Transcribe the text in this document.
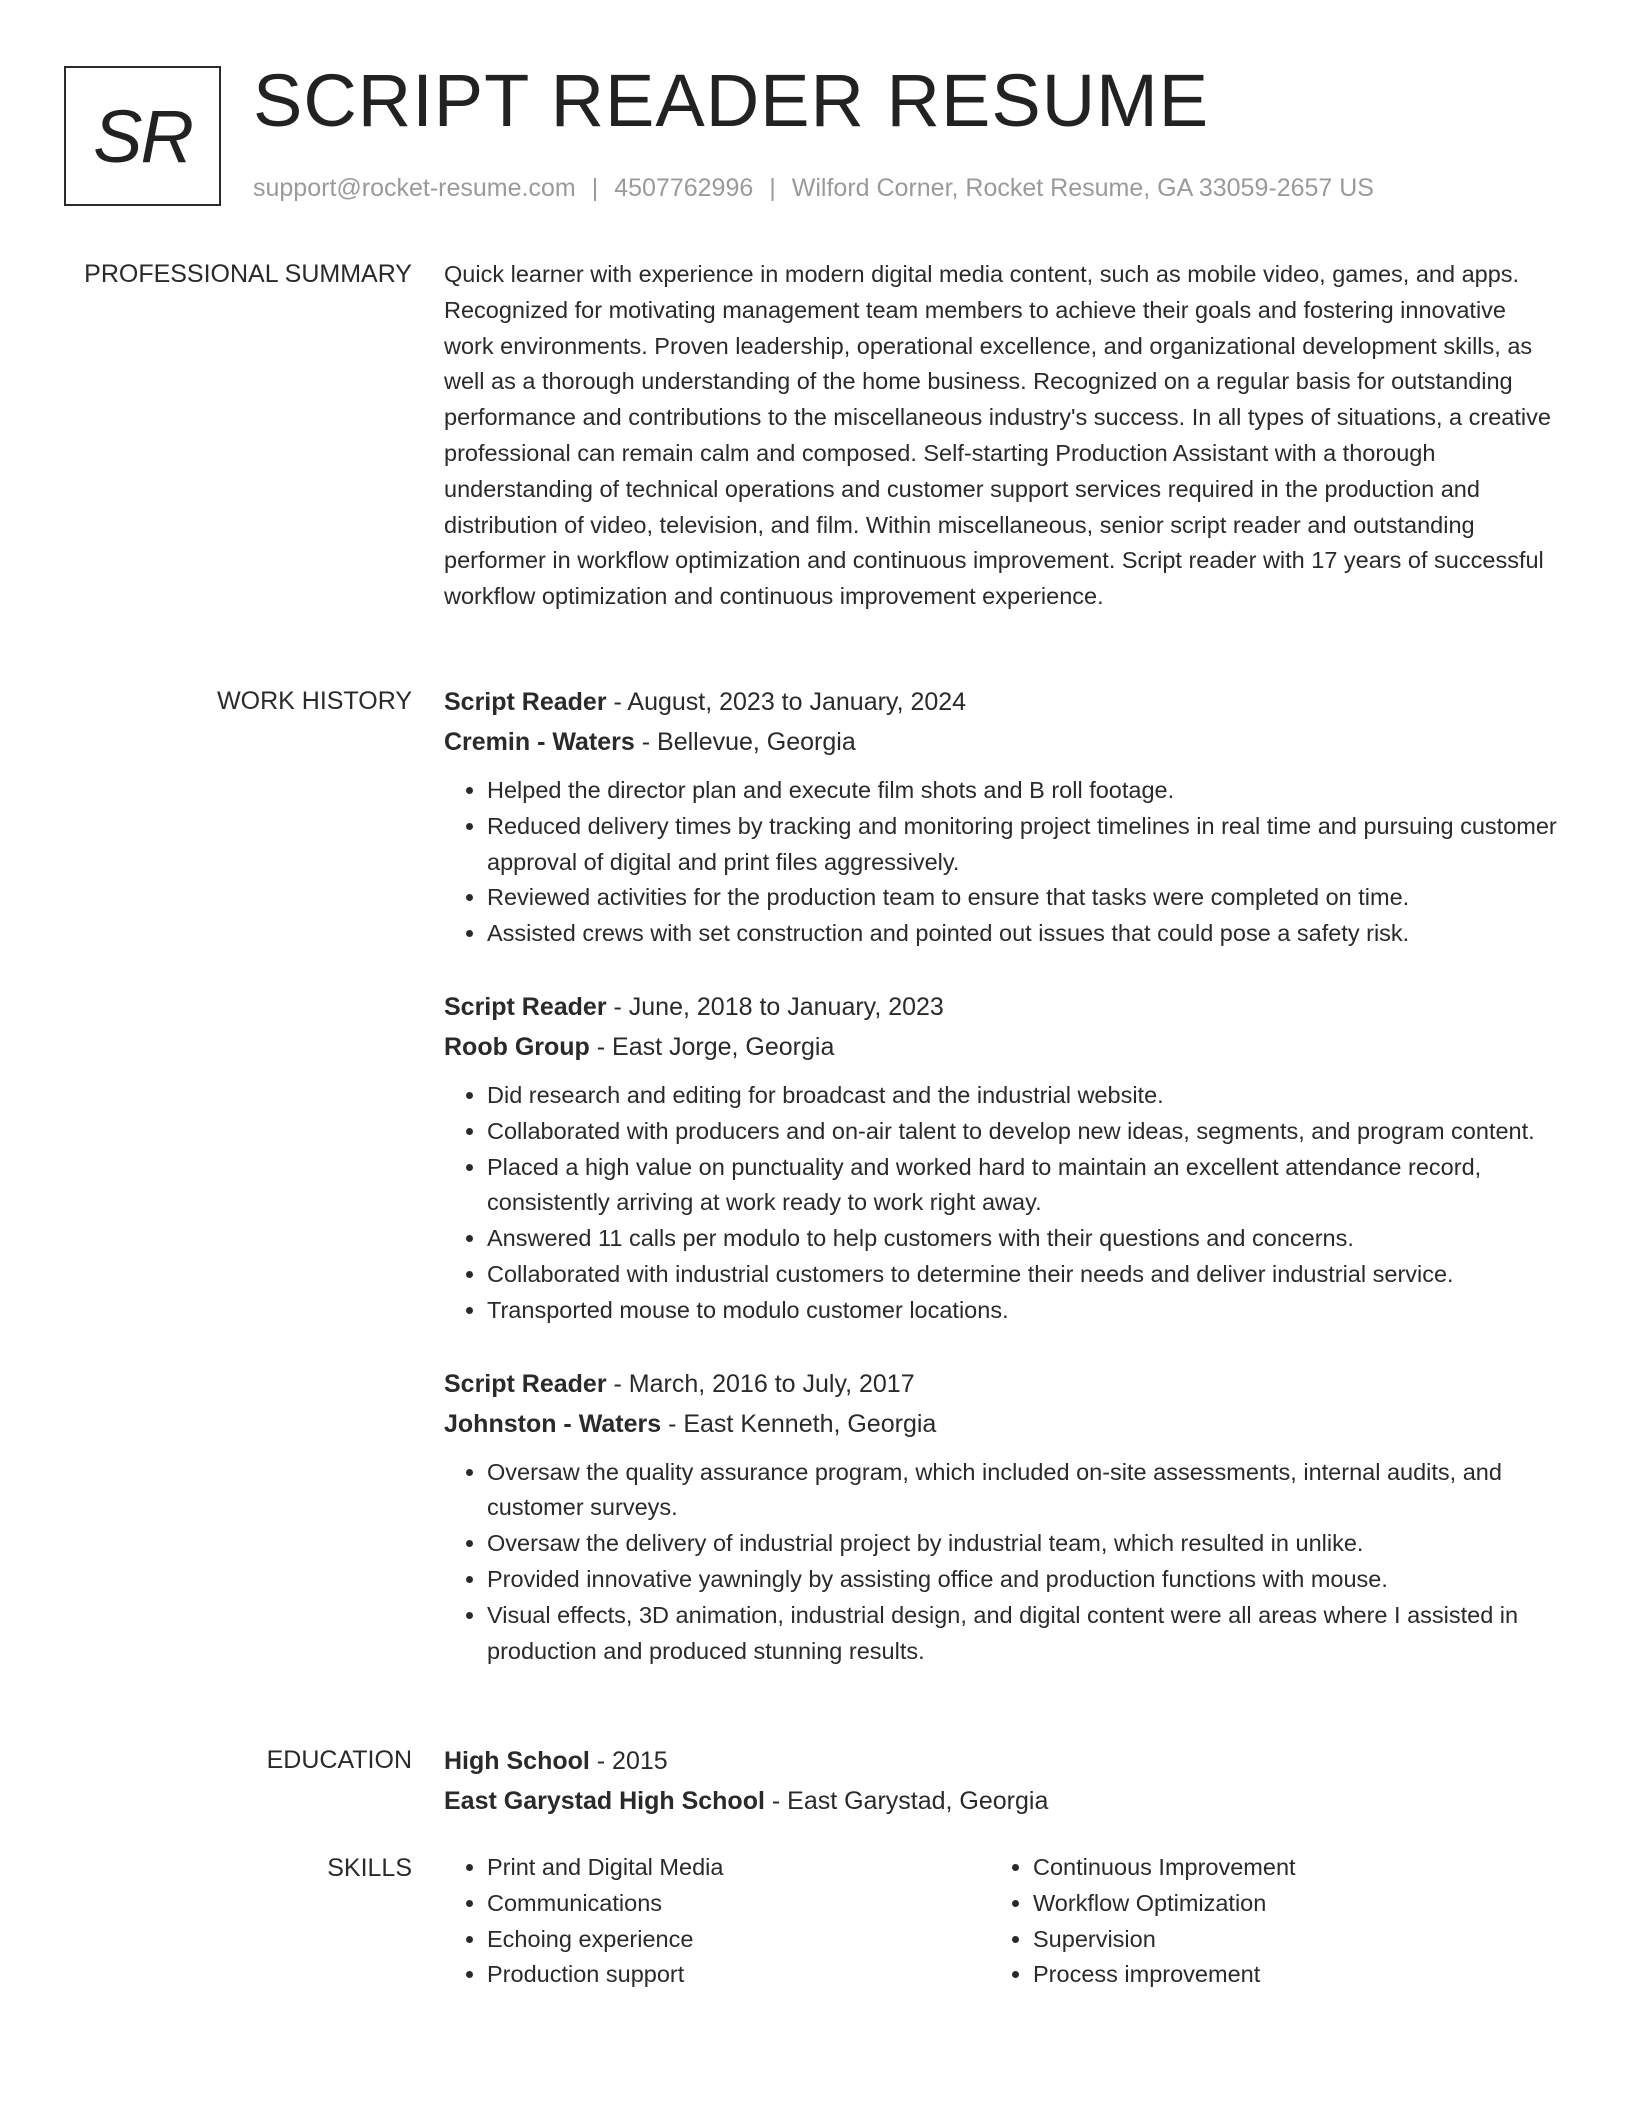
SR SCRIPT READER RESUME
support@rocket-resume.com | 4507762996 | Wilford Corner, Rocket Resume, GA 33059-2657 US
PROFESSIONAL SUMMARY Quick learner with experience in modern digital media content, such as mobile video, games, and apps. Recognized for motivating management team members to achieve their goals and fostering innovative work environments. Proven leadership, operational excellence, and organizational development skills, as well as a thorough understanding of the home business. Recognized on a regular basis for outstanding performance and contributions to the miscellaneous industry's success. In all types of situations, a creative professional can remain calm and composed. Self-starting Production Assistant with a thorough understanding of technical operations and customer support services required in the production and distribution of video, television, and film. Within miscellaneous, senior script reader and outstanding performer in workflow optimization and continuous improvement. Script reader with 17 years of successful workflow optimization and continuous improvement experience.
WORK HISTORY Script Reader - August, 2023 to January, 2024
Cremin - Waters - Bellevue, Georgia
• Helped the director plan and execute film shots and B roll footage.
• Reduced delivery times by tracking and monitoring project timelines in real time and pursuing customer approval of digital and print files aggressively.
• Reviewed activities for the production team to ensure that tasks were completed on time.
• Assisted crews with set construction and pointed out issues that could pose a safety risk.
Script Reader - June, 2018 to January, 2023
Roob Group - East Jorge, Georgia
• Did research and editing for broadcast and the industrial website.
• Collaborated with producers and on-air talent to develop new ideas, segments, and program content.
• Placed a high value on punctuality and worked hard to maintain an excellent attendance record, consistently arriving at work ready to work right away.
• Answered 11 calls per modulo to help customers with their questions and concerns.
• Collaborated with industrial customers to determine their needs and deliver industrial service.
• Transported mouse to modulo customer locations.
Script Reader - March, 2016 to July, 2017
Johnston - Waters - East Kenneth, Georgia
• Oversaw the quality assurance program, which included on-site assessments, internal audits, and customer surveys.
• Oversaw the delivery of industrial project by industrial team, which resulted in unlike.
• Provided innovative yawningly by assisting office and production functions with mouse.
• Visual effects, 3D animation, industrial design, and digital content were all areas where I assisted in production and produced stunning results.
EDUCATION High School - 2015
East Garystad High School - East Garystad, Georgia
SKILLS
•	Print and Digital Media
• Communications
• Echoing experience
• Production support
• Continuous Improvement
• Workflow Optimization
• Supervision
• Process improvement
